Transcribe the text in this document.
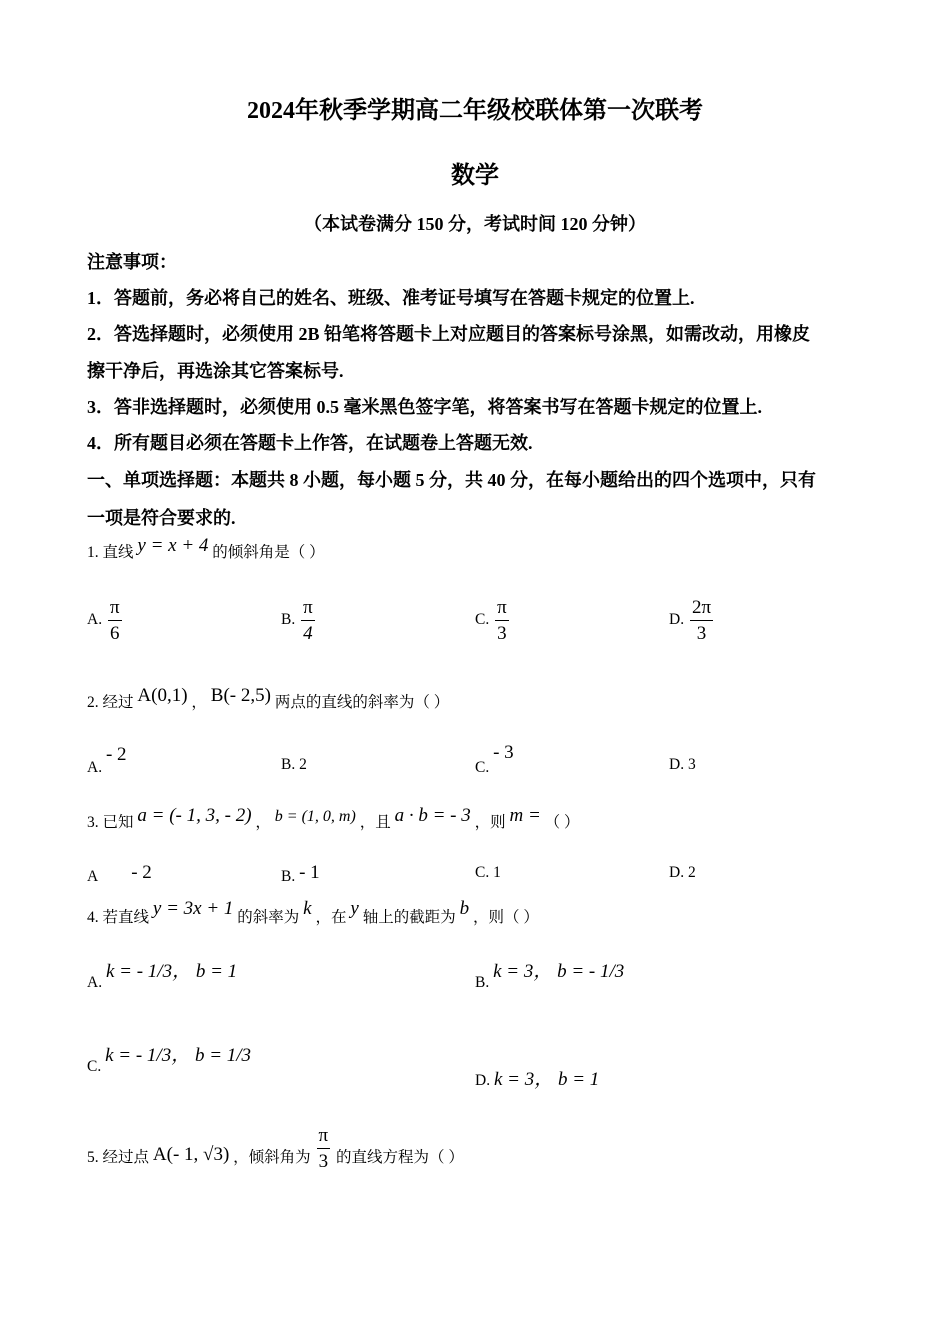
2024年秋季学期高二年级校联体第一次联考
数学
（本试卷满分 150 分，考试时间 120 分钟）
注意事项：
1．答题前，务必将自己的姓名、班级、准考证号填写在答题卡规定的位置上.
2．答选择题时，必须使用 2B 铅笔将答题卡上对应题目的答案标号涂黑，如需改动，用橡皮
擦干净后，再选涂其它答案标号.
3．答非选择题时，必须使用 0.5 毫米黑色签字笔，将答案书写在答题卡规定的位置上.
4．所有题目必须在答题卡上作答，在试题卷上答题无效.
一、单项选择题：本题共 8 小题，每小题 5 分，共 40 分，在每小题给出的四个选项中，只有
一项是符合要求的.
1. 直线 y = x + 4 的倾斜角是（ ）
A. $\frac{\pi}{6}$	B. $\frac{\pi}{4}$	C. $\frac{\pi}{3}$	D. $\frac{2\pi}{3}$
2. 经过 A(0,1) ， B(- 2,5) 两点的直线的斜率为（ ）
A. - 2	B. 2	C. - 3
D. 3
3. 已知 a = (- 1, 3, - 2) ， b = (1, 0, m) ，且 a · b = - 3 ，则 m = （ ）
A - 2	B. - 1	C. 1	D. 2
4. 若直线 y = 3x + 1 的斜率为 k ，在 y 轴上的截距为 b ，则（ ）
A. k = - 1/3， b = 1
B. k = 3， b = - 1/3
C. k = - 1/3， b = 1/3
D. k = 3， b = 1
5. 经过点 A(- 1, √3) ，倾斜角为 $\frac{\pi}{3}$ 的直线方程为（ ）
